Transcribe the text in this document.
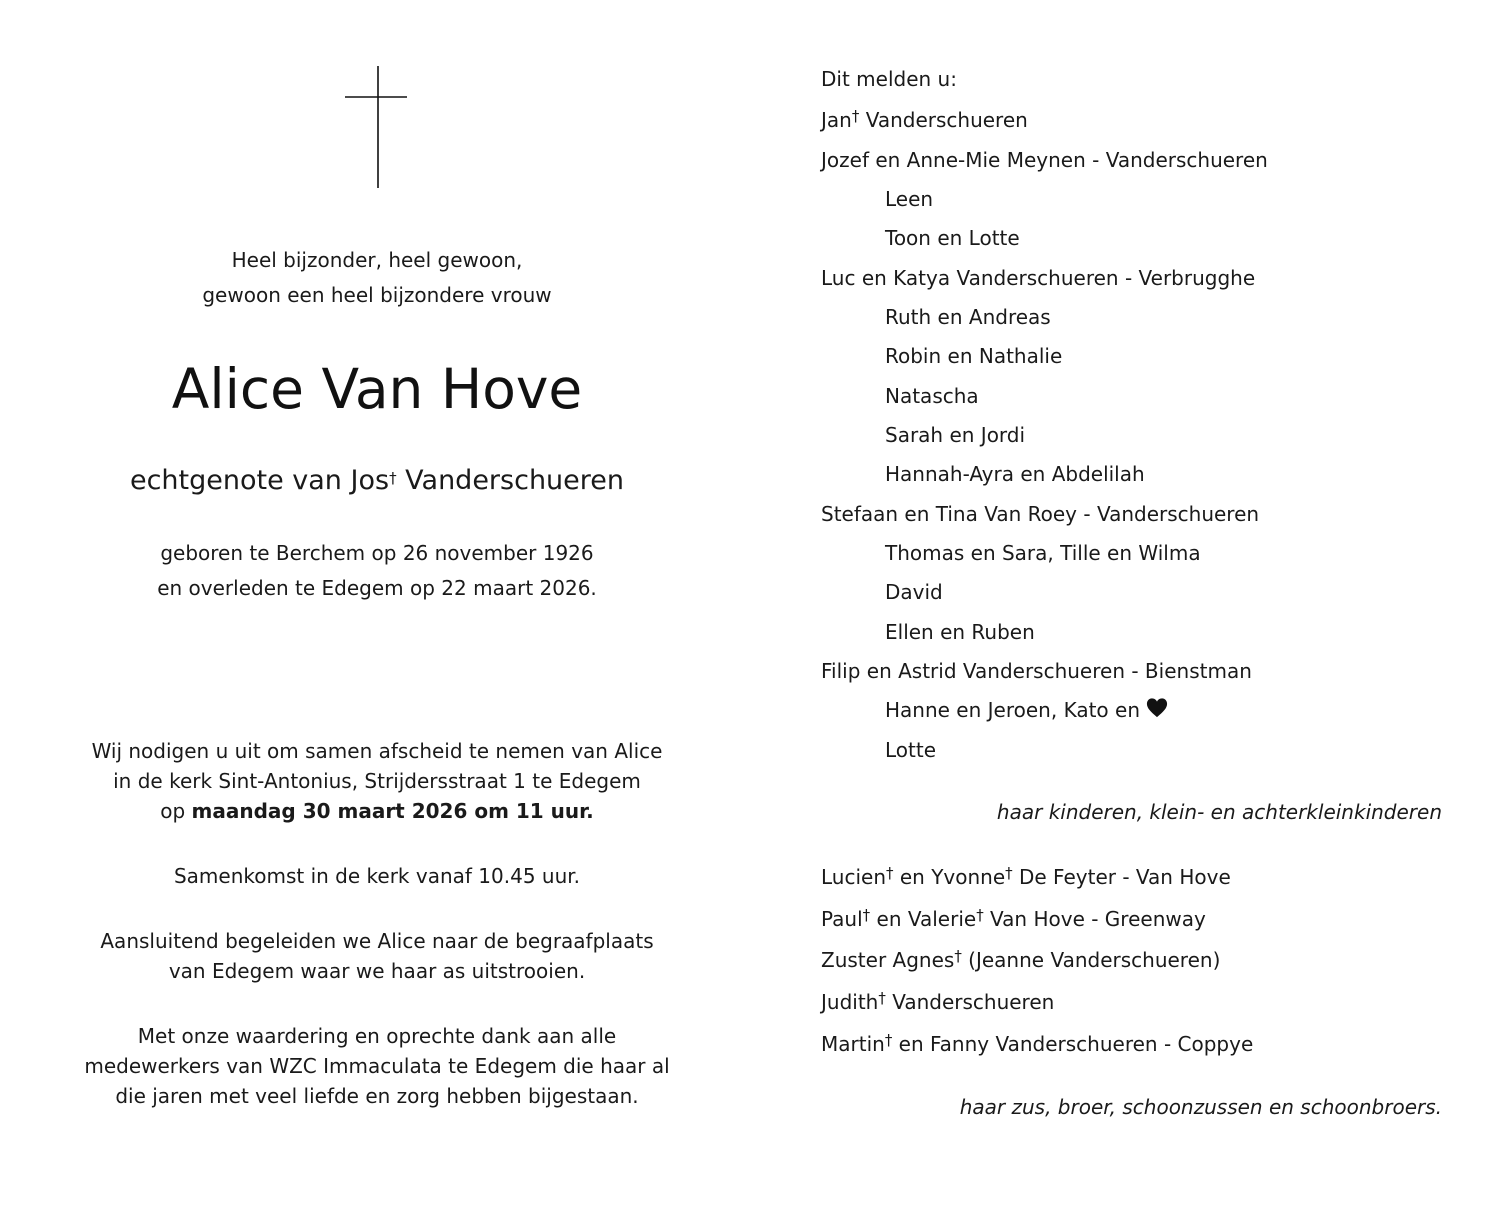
Heel bijzonder, heel gewoon,
gewoon een heel bijzondere vrouw
Alice Van Hove
echtgenote van Jos† Vanderschueren
geboren te Berchem op 26 november 1926
en overleden te Edegem op 22 maart 2026.
Wij nodigen u uit om samen afscheid te nemen van Alice
in de kerk Sint-Antonius, Strijdersstraat 1 te Edegem
op maandag 30 maart 2026 om 11 uur.
Samenkomst in de kerk vanaf 10.45 uur.
Aansluitend begeleiden we Alice naar de begraafplaats
van Edegem waar we haar as uitstrooien.
Met onze waardering en oprechte dank aan alle
medewerkers van WZC Immaculata te Edegem die haar al
die jaren met veel liefde en zorg hebben bijgestaan.
Dit melden u:
Jan† Vanderschueren
Jozef en Anne-Mie Meynen - Vanderschueren
Leen
Toon en Lotte
Luc en Katya Vanderschueren - Verbrugghe
Ruth en Andreas
Robin en Nathalie
Natascha
Sarah en Jordi
Hannah-Ayra en Abdelilah
Stefaan en Tina Van Roey - Vanderschueren
Thomas en Sara, Tille en Wilma
David
Ellen en Ruben
Filip en Astrid Vanderschueren - Bienstman
Hanne en Jeroen, Kato en
Lotte
haar kinderen, klein- en achterkleinkinderen
Lucien† en Yvonne† De Feyter - Van Hove
Paul† en Valerie† Van Hove - Greenway
Zuster Agnes† (Jeanne Vanderschueren)
Judith† Vanderschueren
Martin† en Fanny Vanderschueren - Coppye
haar zus, broer, schoonzussen en schoonbroers.
